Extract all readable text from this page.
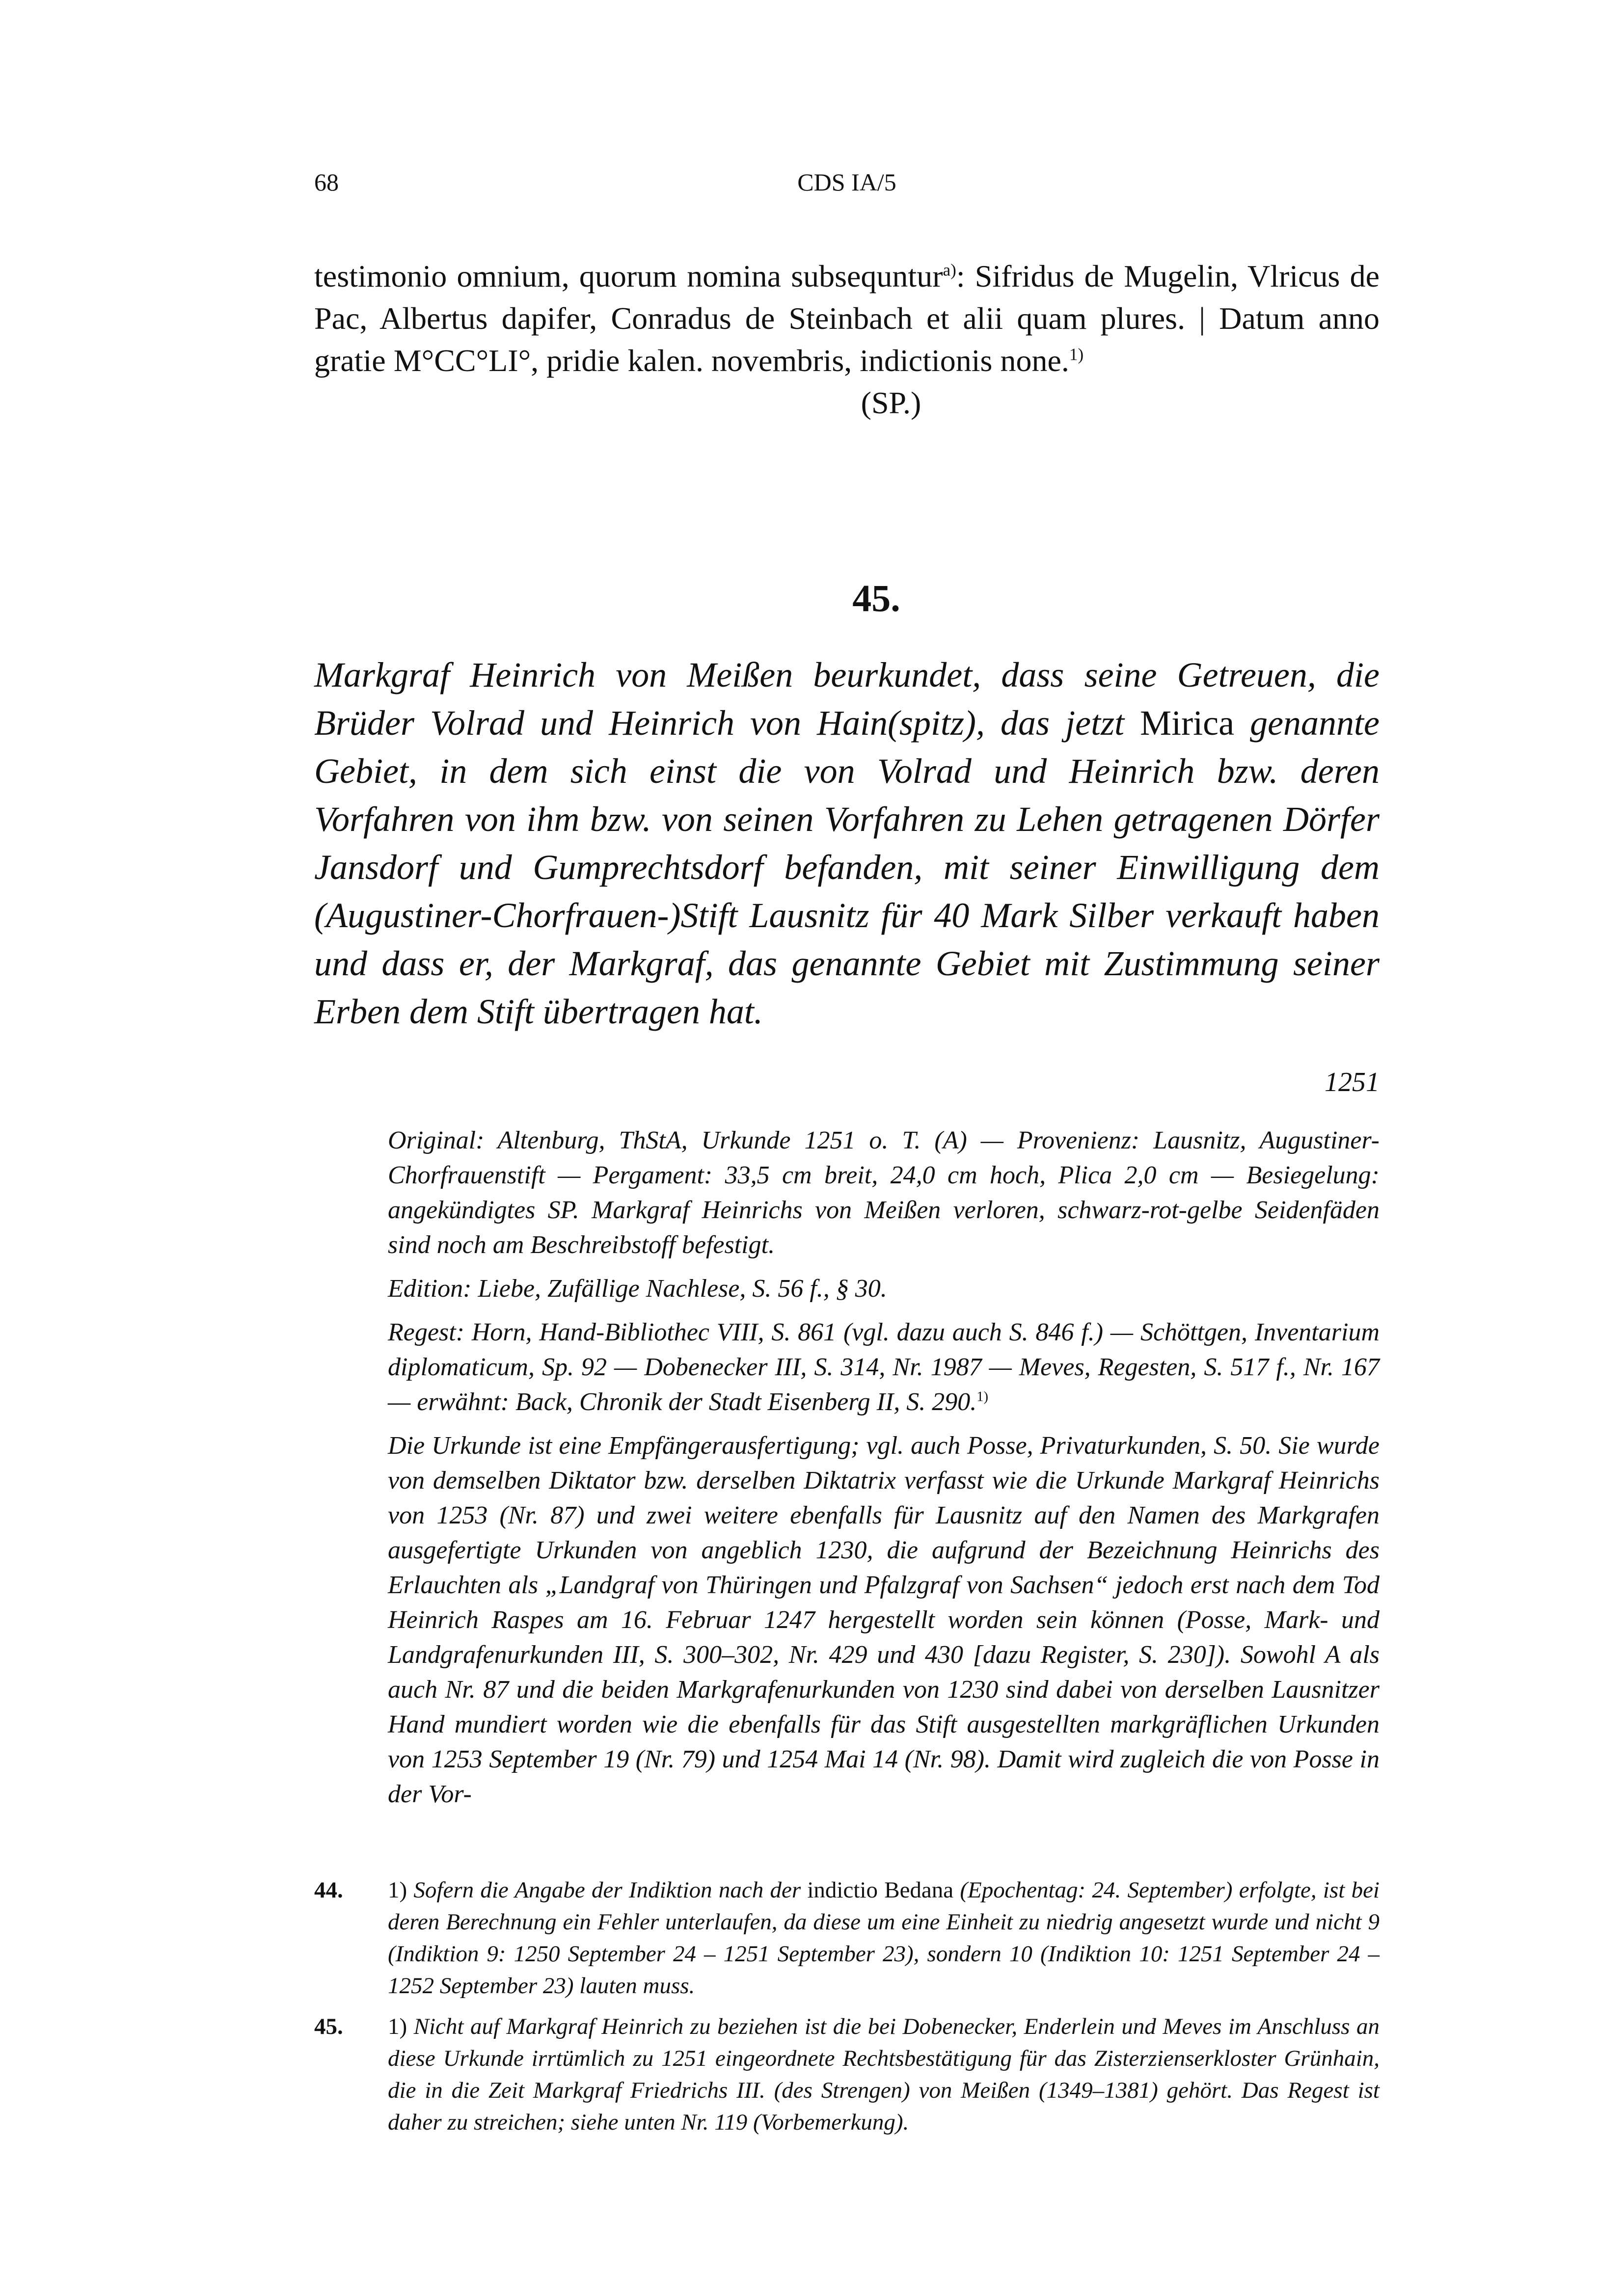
68	CDS IA/5

testimonio omnium, quorum nomina subsequntur$^{a)}$: Sifridus de Mugelin, Vlricus de Pac, Albertus dapifer, Conradus de Steinbach et alii quam plures. | Datum anno gratie M°CC°LI°, pridie kalen. novembris, indictionis none.$^{1)}$

(SP.)
45.

Markgraf Heinrich von Meißen beurkundet, dass seine Getreuen, die Brüder Volrad und Heinrich von Hain(spitz), das jetzt Mirica genannte Gebiet, in dem sich einst die von Volrad und Heinrich bzw. deren Vorfahren von ihm bzw. von seinen Vorfahren zu Lehen getragenen Dörfer Jansdorf und Gumprechtsdorf befanden, mit seiner Einwilligung dem (Augustiner-Chorfrauen-)Stift Lausnitz für 40 Mark Silber verkauft haben und dass er, der Markgraf, das genannte Gebiet mit Zustimmung seiner Erben dem Stift übertragen hat.

1251

Original: Altenburg, ThStA, Urkunde 1251 o. T. (A) — Provenienz: Lausnitz, Augustiner-Chorfrauenstift — Pergament: 33,5 cm breit, 24,0 cm hoch, Plica 2,0 cm — Besiegelung: angekündigtes SP. Markgraf Heinrichs von Meißen verloren, schwarz-rot-gelbe Seidenfäden sind noch am Beschreibstoff befestigt.

Edition: Liebe, Zufällige Nachlese, S. 56 f., § 30.

Regest: Horn, Hand-Bibliothec VIII, S. 861 (vgl. dazu auch S. 846 f.) — Schöttgen, Inventarium diplomaticum, Sp. 92 — Dobenecker III, S. 314, Nr. 1987 — Meves, Regesten, S. 517 f., Nr. 167 — erwähnt: Back, Chronik der Stadt Eisenberg II, S. 290.$^{1)}$

Die Urkunde ist eine Empfängerausfertigung; vgl. auch Posse, Privaturkunden, S. 50. Sie wurde von demselben Diktator bzw. derselben Diktatrix verfasst wie die Urkunde Markgraf Heinrichs von 1253 (Nr. 87) und zwei weitere ebenfalls für Lausnitz auf den Namen des Markgrafen ausgefertigte Urkunden von angeblich 1230, die aufgrund der Bezeichnung Heinrichs des Erlauchten als „Landgraf von Thüringen und Pfalzgraf von Sachsen“ jedoch erst nach dem Tod Heinrich Raspes am 16. Februar 1247 hergestellt worden sein können (Posse, Mark- und Landgrafenurkunden III, S. 300–302, Nr. 429 und 430 [dazu Register, S. 230]). Sowohl A als auch Nr. 87 und die beiden Markgrafenurkunden von 1230 sind dabei von derselben Lausnitzer Hand mundiert worden wie die ebenfalls für das Stift ausgestellten markgräflichen Urkunden von 1253 September 19 (Nr. 79) und 1254 Mai 14 (Nr. 98). Damit wird zugleich die von Posse in der Vor-

44. 1) Sofern die Angabe der Indiktion nach der indictio Bedana (Epochentag: 24. September) erfolgte, ist bei deren Berechnung ein Fehler unterlaufen, da diese um eine Einheit zu niedrig angesetzt wurde und nicht 9 (Indiktion 9: 1250 September 24 – 1251 September 23), sondern 10 (Indiktion 10: 1251 September 24 – 1252 September 23) lauten muss.
45. 1) Nicht auf Markgraf Heinrich zu beziehen ist die bei Dobenecker, Enderlein und Meves im Anschluss an diese Urkunde irrtümlich zu 1251 eingeordnete Rechtsbestätigung für das Zisterzienserkloster Grünhain, die in die Zeit Markgraf Friedrichs III. (des Strengen) von Meißen (1349–1381) gehört. Das Regest ist daher zu streichen; siehe unten Nr. 119 (Vorbemerkung).
